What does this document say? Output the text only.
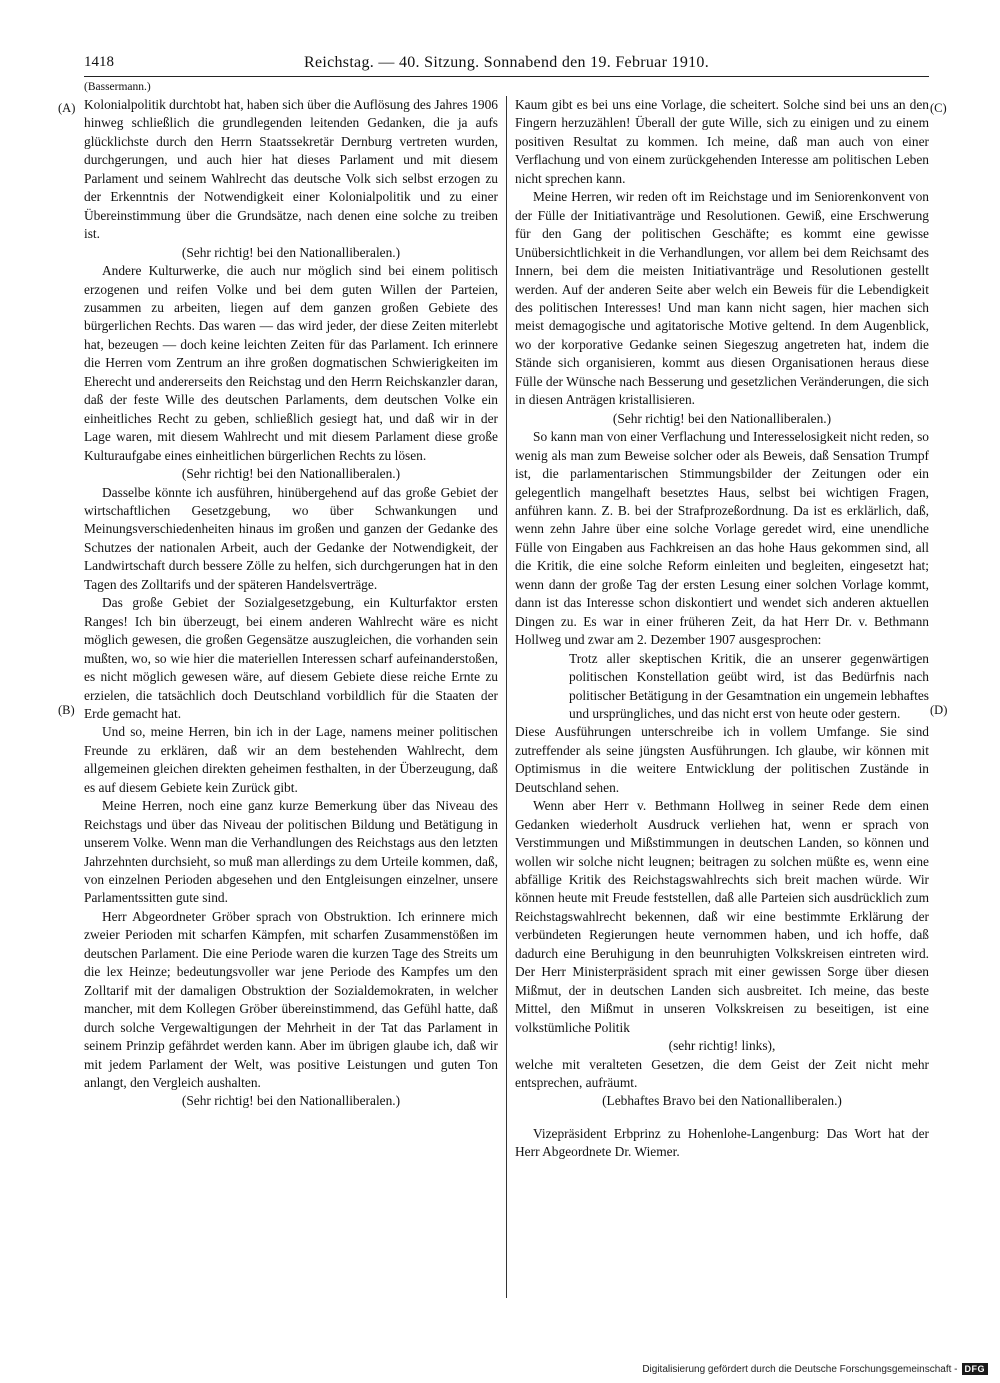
1418	Reichstag. — 40. Sitzung. Sonnabend den 19. Februar 1910.
(Bassermann.)
(A)
(B)
(C)
(D)

Kolonialpolitik durchtobt hat, haben sich über die Auflösung des Jahres 1906 hinweg schließlich die grundlegenden leitenden Gedanken, die ja aufs glücklichste durch den Herrn Staatssekretär Dernburg vertreten wurden, durchgerungen, und auch hier hat dieses Parlament und mit diesem Parlament und seinem Wahlrecht das deutsche Volk sich selbst erzogen zu der Erkenntnis der Notwendigkeit einer Kolonialpolitik und zu einer Übereinstimmung über die Grundsätze, nach denen eine solche zu treiben ist.

(Sehr richtig! bei den Nationalliberalen.)

Andere Kulturwerke, die auch nur möglich sind bei einem politisch erzogenen und reifen Volke und bei dem guten Willen der Parteien, zusammen zu arbeiten, liegen auf dem ganzen großen Gebiete des bürgerlichen Rechts. Das waren — das wird jeder, der diese Zeiten miterlebt hat, bezeugen — doch keine leichten Zeiten für das Parlament. Ich erinnere die Herren vom Zentrum an ihre großen dogmatischen Schwierigkeiten im Eherecht und andererseits den Reichstag und den Herrn Reichskanzler daran, daß der feste Wille des deutschen Parlaments, dem deutschen Volke ein einheitliches Recht zu geben, schließlich gesiegt hat, und daß wir in der Lage waren, mit diesem Wahlrecht und mit diesem Parlament diese große Kulturaufgabe eines einheitlichen bürgerlichen Rechts zu lösen.

(Sehr richtig! bei den Nationalliberalen.)

Dasselbe könnte ich ausführen, hinübergehend auf das große Gebiet der wirtschaftlichen Gesetzgebung, wo über Schwankungen und Meinungsverschiedenheiten hinaus im großen und ganzen der Gedanke des Schutzes der nationalen Arbeit, auch der Gedanke der Notwendigkeit, der Landwirtschaft durch bessere Zölle zu helfen, sich durchgerungen hat in den Tagen des Zolltarifs und der späteren Handelsverträge.

Das große Gebiet der Sozialgesetzgebung, ein Kulturfaktor ersten Ranges! Ich bin überzeugt, bei einem anderen Wahlrecht wäre es nicht möglich gewesen, die großen Gegensätze auszugleichen, die vorhanden sein mußten, wo, so wie hier die materiellen Interessen scharf aufeinanderstoßen, es nicht möglich gewesen wäre, auf diesem Gebiete diese reiche Ernte zu erzielen, die tatsächlich doch Deutschland vorbildlich für die Staaten der Erde gemacht hat.

Und so, meine Herren, bin ich in der Lage, namens meiner politischen Freunde zu erklären, daß wir an dem bestehenden Wahlrecht, dem allgemeinen gleichen direkten geheimen festhalten, in der Überzeugung, daß es auf diesem Gebiete kein Zurück gibt.

Meine Herren, noch eine ganz kurze Bemerkung über das Niveau des Reichstags und über das Niveau der politischen Bildung und Betätigung in unserem Volke. Wenn man die Verhandlungen des Reichstags aus den letzten Jahrzehnten durchsieht, so muß man allerdings zu dem Urteile kommen, daß, von einzelnen Perioden abgesehen und den Entgleisungen einzelner, unsere Parlamentssitten gute sind.

Herr Abgeordneter Gröber sprach von Obstruktion. Ich erinnere mich zweier Perioden mit scharfen Kämpfen, mit scharfen Zusammenstößen im deutschen Parlament. Die eine Periode waren die kurzen Tage des Streits um die lex Heinze; bedeutungsvoller war jene Periode des Kampfes um den Zolltarif mit der damaligen Obstruktion der Sozialdemokraten, in welcher mancher, mit dem Kollegen Gröber übereinstimmend, das Gefühl hatte, daß durch solche Vergewaltigungen der Mehrheit in der Tat das Parlament in seinem Prinzip gefährdet werden kann. Aber im übrigen glaube ich, daß wir mit jedem Parlament der Welt, was positive Leistungen und guten Ton anlangt, den Vergleich aushalten.

(Sehr richtig! bei den Nationalliberalen.)

Kaum gibt es bei uns eine Vorlage, die scheitert. Solche sind bei uns an den Fingern herzuzählen! Überall der gute Wille, sich zu einigen und zu einem positiven Resultat zu kommen. Ich meine, daß man auch von einer Verflachung und von einem zurückgehenden Interesse am politischen Leben nicht sprechen kann.

Meine Herren, wir reden oft im Reichstage und im Seniorenkonvent von der Fülle der Initiativanträge und Resolutionen. Gewiß, eine Erschwerung für den Gang der politischen Geschäfte; es kommt eine gewisse Unübersichtlichkeit in die Verhandlungen, vor allem bei dem Reichsamt des Innern, bei dem die meisten Initiativanträge und Resolutionen gestellt werden. Auf der anderen Seite aber welch ein Beweis für die Lebendigkeit des politischen Interesses! Und man kann nicht sagen, hier machen sich meist demagogische und agitatorische Motive geltend. In dem Augenblick, wo der korporative Gedanke seinen Siegeszug angetreten hat, indem die Stände sich organisieren, kommt aus diesen Organisationen heraus diese Fülle der Wünsche nach Besserung und gesetzlichen Veränderungen, die sich in diesen Anträgen kristallisieren.

(Sehr richtig! bei den Nationalliberalen.)

So kann man von einer Verflachung und Interesselosigkeit nicht reden, so wenig als man zum Beweise solcher oder als Beweis, daß Sensation Trumpf ist, die parlamentarischen Stimmungsbilder der Zeitungen oder ein gelegentlich mangelhaft besetztes Haus, selbst bei wichtigen Fragen, anführen kann. Z. B. bei der Strafprozeßordnung. Da ist es erklärlich, daß, wenn zehn Jahre über eine solche Vorlage geredet wird, eine unendliche Fülle von Eingaben aus Fachkreisen an das hohe Haus gekommen sind, all die Kritik, die eine solche Reform einleiten und begleiten, eingesetzt hat; wenn dann der große Tag der ersten Lesung einer solchen Vorlage kommt, dann ist das Interesse schon diskontiert und wendet sich anderen aktuellen Dingen zu. Es war in einer früheren Zeit, da hat Herr Dr. v. Bethmann Hollweg und zwar am 2. Dezember 1907 ausgesprochen:

Trotz aller skeptischen Kritik, die an unserer gegenwärtigen politischen Konstellation geübt wird, ist das Bedürfnis nach politischer Betätigung in der Gesamtnation ein ungemein lebhaftes und ursprüngliches, und das nicht erst von heute oder gestern.

Diese Ausführungen unterschreibe ich in vollem Umfange. Sie sind zutreffender als seine jüngsten Ausführungen. Ich glaube, wir können mit Optimismus in die weitere Entwicklung der politischen Zustände in Deutschland sehen.

Wenn aber Herr v. Bethmann Hollweg in seiner Rede dem einen Gedanken wiederholt Ausdruck verliehen hat, wenn er sprach von Verstimmungen und Mißstimmungen in deutschen Landen, so können und wollen wir solche nicht leugnen; beitragen zu solchen müßte es, wenn eine abfällige Kritik des Reichstagswahlrechts sich breit machen würde. Wir können heute mit Freude feststellen, daß alle Parteien sich ausdrücklich zum Reichstagswahlrecht bekennen, daß wir eine bestimmte Erklärung der verbündeten Regierungen heute vernommen haben, und ich hoffe, daß dadurch eine Beruhigung in den beunruhigten Volkskreisen eintreten wird. Der Herr Ministerpräsident sprach mit einer gewissen Sorge über diesen Mißmut, der in deutschen Landen sich ausbreitet. Ich meine, das beste Mittel, den Mißmut in unseren Volkskreisen zu beseitigen, ist eine volkstümliche Politik

(sehr richtig! links),

welche mit veralteten Gesetzen, die dem Geist der Zeit nicht mehr entsprechen, aufräumt.

(Lebhaftes Bravo bei den Nationalliberalen.)

Vizepräsident Erbprinz zu Hohenlohe-Langenburg: Das Wort hat der Herr Abgeordnete Dr. Wiemer.

Digitalisierung gefördert durch die Deutsche Forschungsgemeinschaft - DFG
